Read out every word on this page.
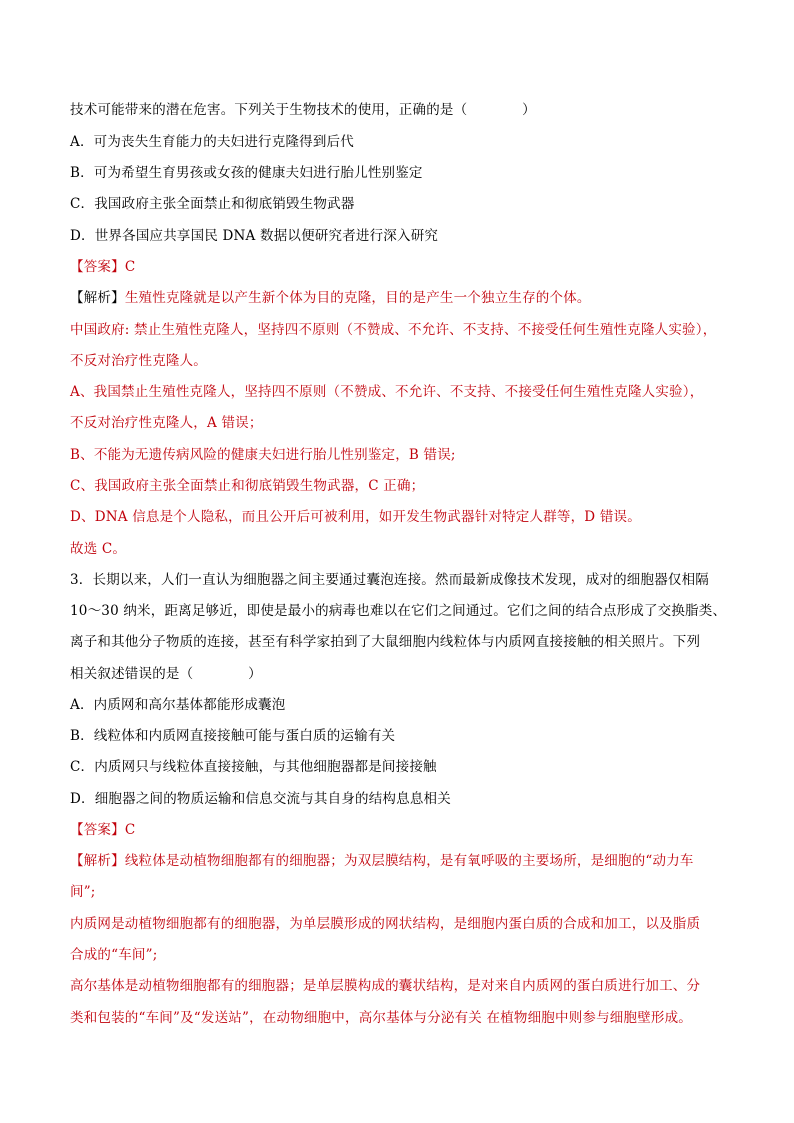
技术可能带来的潜在危害。下列关于生物技术的使用，正确的是（　　　　）
A．可为丧失生育能力的夫妇进行克隆得到后代
B．可为希望生育男孩或女孩的健康夫妇进行胎儿性别鉴定
C．我国政府主张全面禁止和彻底销毁生物武器
D．世界各国应共享国民 DNA 数据以便研究者进行深入研究
【答案】C
【解析】生殖性克隆就是以产生新个体为目的克隆，目的是产生一个独立生存的个体。
中国政府: 禁止生殖性克隆人，坚持四不原则（不赞成、不允许、不支持、不接受任何生殖性克隆人实验），
不反对治疗性克隆人。
A、我国禁止生殖性克隆人，坚持四不原则（不赞成、不允许、不支持、不接受任何生殖性克隆人实验），
不反对治疗性克隆人，A 错误；
B、不能为无遗传病风险的健康夫妇进行胎儿性别鉴定，B 错误;
C、我国政府主张全面禁止和彻底销毁生物武器，C 正确；
D、DNA 信息是个人隐私，而且公开后可被利用，如开发生物武器针对特定人群等，D 错误。
故选 C。
3．长期以来，人们一直认为细胞器之间主要通过囊泡连接。然而最新成像技术发现，成对的细胞器仅相隔
10～30 纳米，距离足够近，即使是最小的病毒也难以在它们之间通过。它们之间的结合点形成了交换脂类、
离子和其他分子物质的连接，甚至有科学家拍到了大鼠细胞内线粒体与内质网直接接触的相关照片。下列
相关叙述错误的是（　　　　）
A．内质网和高尔基体都能形成囊泡
B．线粒体和内质网直接接触可能与蛋白质的运输有关
C．内质网只与线粒体直接接触，与其他细胞器都是间接接触
D．细胞器之间的物质运输和信息交流与其自身的结构息息相关
【答案】C
【解析】线粒体是动植物细胞都有的细胞器；为双层膜结构，是有氧呼吸的主要场所，是细胞的“动力车
间”;
内质网是动植物细胞都有的细胞器，为单层膜形成的网状结构，是细胞内蛋白质的合成和加工，以及脂质
合成的“车间”;
高尔基体是动植物细胞都有的细胞器；是单层膜构成的囊状结构，是对来自内质网的蛋白质进行加工、分
类和包装的“车间”及“发送站”，在动物细胞中，高尔基体与分泌有关 在植物细胞中则参与细胞壁形成。
